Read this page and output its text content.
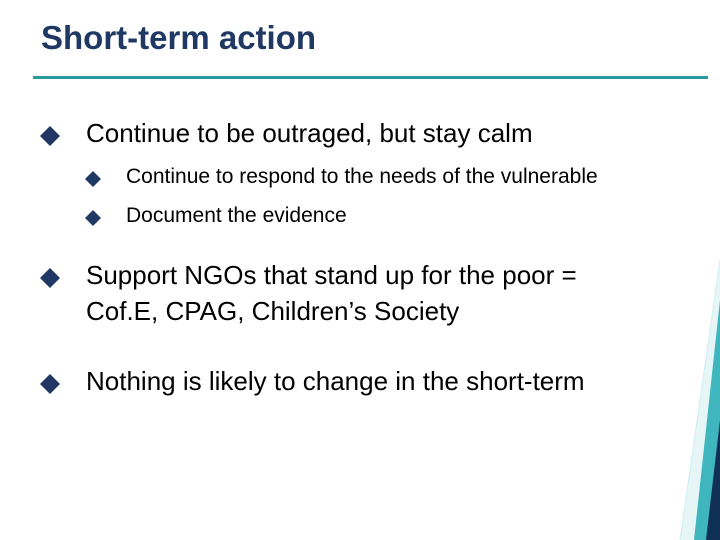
Short-term action
Continue to be outraged, but stay calm
Continue to respond to the needs of the vulnerable
Document the evidence
Support NGOs that stand up for the poor =
Cof.E, CPAG, Children’s Society
Nothing is likely to change in the short-term
